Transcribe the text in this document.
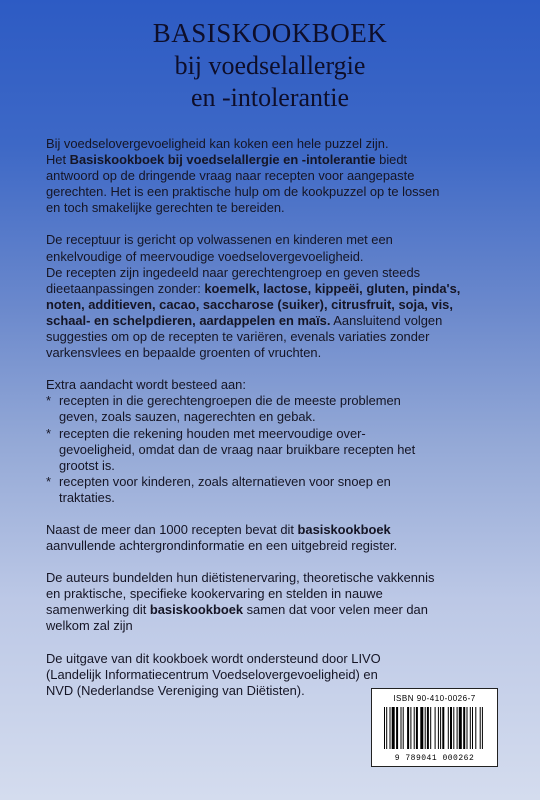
BASISKOOKBOEK
bij voedselallergie
en -intolerantie
Bij voedselovergevoeligheid kan koken een hele puzzel zijn.
Het Basiskookboek bij voedselallergie en -intolerantie biedt
antwoord op de dringende vraag naar recepten voor aangepaste
gerechten. Het is een praktische hulp om de kookpuzzel op te lossen
en toch smakelijke gerechten te bereiden.
De receptuur is gericht op volwassenen en kinderen met een
enkelvoudige of meervoudige voedselovergevoeligheid.
De recepten zijn ingedeeld naar gerechtengroep en geven steeds
dieetaanpassingen zonder: koemelk, lactose, kippeëi, gluten, pinda's,
noten, additieven, cacao, saccharose (suiker), citrusfruit, soja, vis,
schaal- en schelpdieren, aardappelen en maïs. Aansluitend volgen
suggesties om op de recepten te variëren, evenals variaties zonder
varkensvlees en bepaalde groenten of vruchten.
Extra aandacht wordt besteed aan:
* recepten in die gerechtengroepen die de meeste problemen
geven, zoals sauzen, nagerechten en gebak.
* recepten die rekening houden met meervoudige over-
gevoeligheid, omdat dan de vraag naar bruikbare recepten het
grootst is.
* recepten voor kinderen, zoals alternatieven voor snoep en
traktaties.
Naast de meer dan 1000 recepten bevat dit basiskookboek
aanvullende achtergrondinformatie en een uitgebreid register.
De auteurs bundelden hun diëtistenervaring, theoretische vakkennis
en praktische, specifieke kookervaring en stelden in nauwe
samenwerking dit basiskookboek samen dat voor velen meer dan
welkom zal zijn
De uitgave van dit kookboek wordt ondersteund door LIVO
(Landelijk Informatiecentrum Voedselovergevoeligheid) en
NVD (Nederlandse Vereniging van Diëtisten).
ISBN 90-410-0026-7
9 789041 000262
